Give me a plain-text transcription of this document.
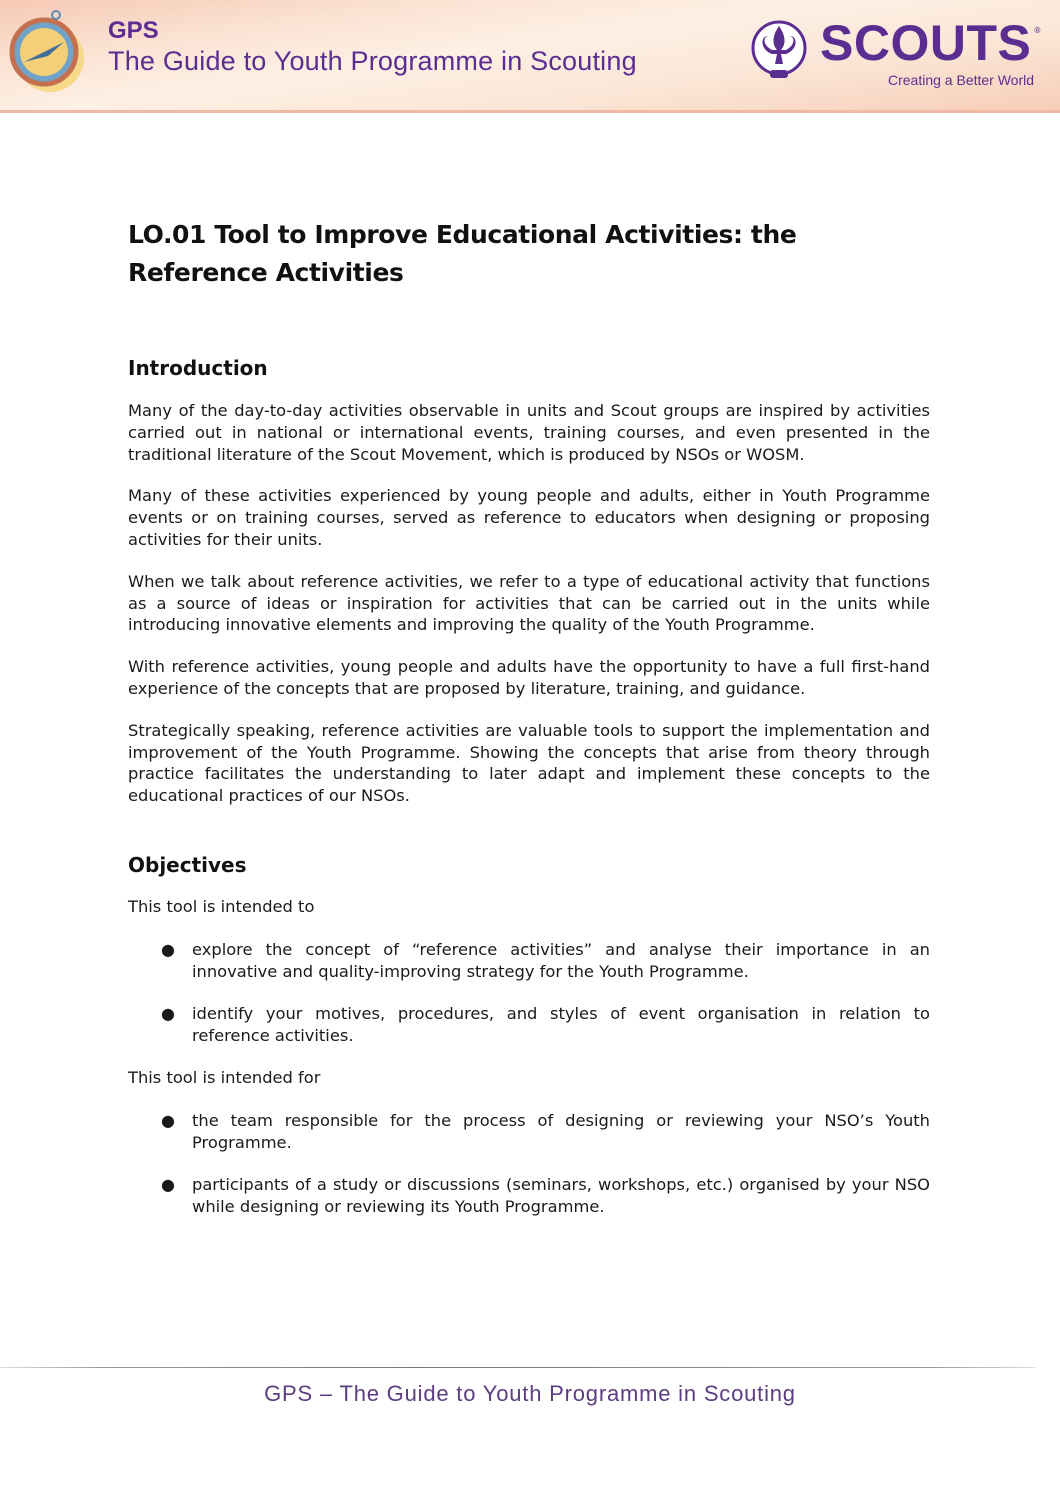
GPS
The Guide to Youth Programme in Scouting	SCOUTS ®
Creating a Better World
LO.01 Tool to Improve Educational Activities: the Reference Activities
Introduction

Many of the day-to-day activities observable in units and Scout groups are inspired by activities carried out in national or international events, training courses, and even presented in the traditional literature of the Scout Movement, which is produced by NSOs or WOSM.

Many of these activities experienced by young people and adults, either in Youth Programme events or on training courses, served as reference to educators when designing or proposing activities for their units.

When we talk about reference activities, we refer to a type of educational activity that functions as a source of ideas or inspiration for activities that can be carried out in the units while introducing innovative elements and improving the quality of the Youth Programme.

With reference activities, young people and adults have the opportunity to have a full first-hand experience of the concepts that are proposed by literature, training, and guidance.

Strategically speaking, reference activities are valuable tools to support the implementation and improvement of the Youth Programme. Showing the concepts that arise from theory through practice facilitates the understanding to later adapt and implement these concepts to the educational practices of our NSOs.

Objectives

This tool is intended to

● explore the concept of “reference activities” and analyse their importance in an innovative and quality-improving strategy for the Youth Programme.

● identify your motives, procedures, and styles of event organisation in relation to reference activities.

This tool is intended for

● the team responsible for the process of designing or reviewing your NSO’s Youth Programme.

● participants of a study or discussions (seminars, workshops, etc.) organised by your NSO while designing or reviewing its Youth Programme.

GPS – The Guide to Youth Programme in Scouting
